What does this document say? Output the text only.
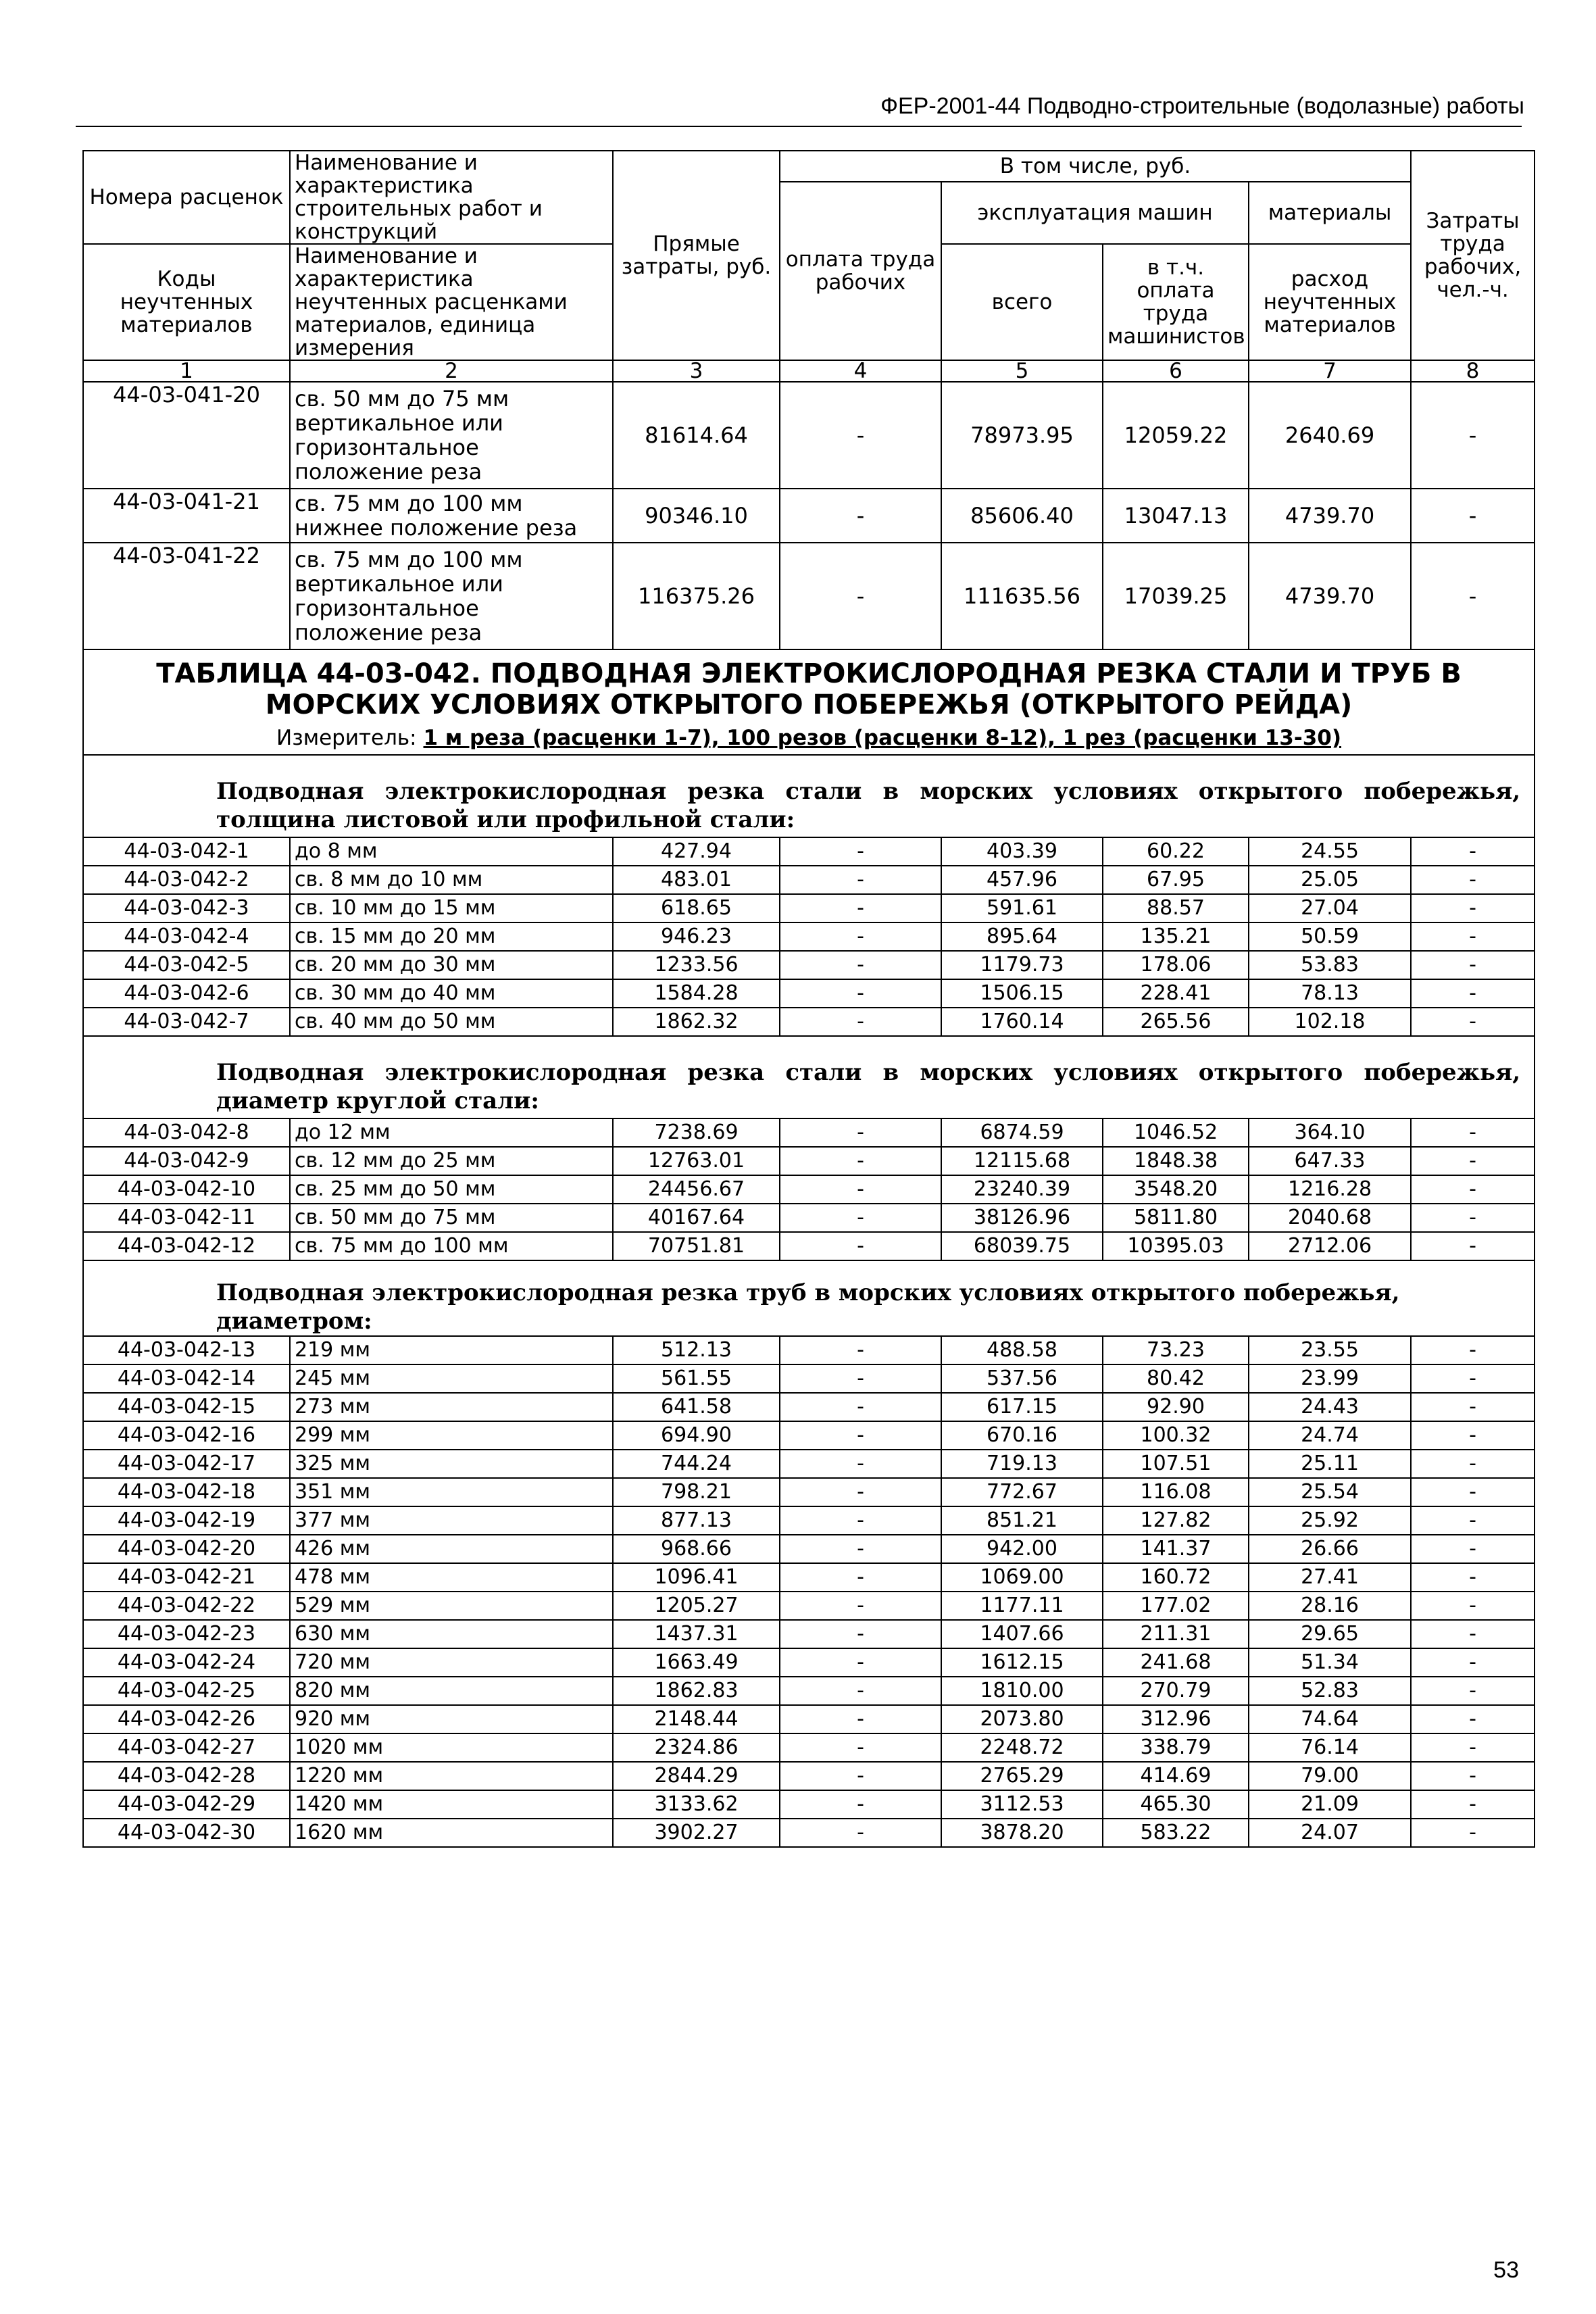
ФЕР-2001-44 Подводно-строительные (водолазные) работы
Номера расценок	Наименование и характеристика строительных работ и конструкций	Прямые затраты, руб.	В том числе, руб.				Затраты труда рабочих, чел.-ч.
			оплата труда рабочих	эксплуатация машин		материалы	
Коды неучтенных материалов	Наименование и характеристика неучтенных расценками материалов, единица измерения			всего	в т.ч. оплата труда машинистов	расход неучтенных материалов	

1	2	3	4	5	6	7	8
44-03-041-20	св. 50 мм до 75 мм вертикальное или горизонтальное положение реза	81614.64	-	78973.95	12059.22	2640.69	-
44-03-041-21	св. 75 мм до 100 мм нижнее положение реза	90346.10	-	85606.40	13047.13	4739.70	-
44-03-041-22	св. 75 мм до 100 мм вертикальное или горизонтальное положение реза	116375.26	-	111635.56	17039.25	4739.70	-

ТАБЛИЦА 44-03-042. ПОДВОДНАЯ ЭЛЕКТРОКИСЛОРОДНАЯ РЕЗКА СТАЛИ И ТРУБ В МОРСКИХ УСЛОВИЯХ ОТКРЫТОГО ПОБЕРЕЖЬЯ (ОТКРЫТОГО РЕЙДА)
Измеритель: 1 м реза (расценки 1-7), 100 резов (расценки 8-12), 1 рез (расценки 13-30)							

Подводная электрокислородная резка стали в морских условиях открытого побережья, толщина листовой или профильной стали:							
44-03-042-1	до 8 мм	427.94	-	403.39	60.22	24.55	-
44-03-042-2	св. 8 мм до 10 мм	483.01	-	457.96	67.95	25.05	-
44-03-042-3	св. 10 мм до 15 мм	618.65	-	591.61	88.57	27.04	-
44-03-042-4	св. 15 мм до 20 мм	946.23	-	895.64	135.21	50.59	-
44-03-042-5	св. 20 мм до 30 мм	1233.56	-	1179.73	178.06	53.83	-
44-03-042-6	св. 30 мм до 40 мм	1584.28	-	1506.15	228.41	78.13	-
44-03-042-7	св. 40 мм до 50 мм	1862.32	-	1760.14	265.56	102.18	-
Подводная электрокислородная резка стали в морских условиях открытого побережья, диаметр круглой стали:							
44-03-042-8	до 12 мм	7238.69	-	6874.59	1046.52	364.10	-
44-03-042-9	св. 12 мм до 25 мм	12763.01	-	12115.68	1848.38	647.33	-
44-03-042-10	св. 25 мм до 50 мм	24456.67	-	23240.39	3548.20	1216.28	-
44-03-042-11	св. 50 мм до 75 мм	40167.64	-	38126.96	5811.80	2040.68	-
44-03-042-12	св. 75 мм до 100 мм	70751.81	-	68039.75	10395.03	2712.06	-
Подводная электрокислородная резка труб в морских условиях открытого побережья, диаметром:							
44-03-042-13	219 мм	512.13	-	488.58	73.23	23.55	-
44-03-042-14	245 мм	561.55	-	537.56	80.42	23.99	-
44-03-042-15	273 мм	641.58	-	617.15	92.90	24.43	-
44-03-042-16	299 мм	694.90	-	670.16	100.32	24.74	-
44-03-042-17	325 мм	744.24	-	719.13	107.51	25.11	-
44-03-042-18	351 мм	798.21	-	772.67	116.08	25.54	-
44-03-042-19	377 мм	877.13	-	851.21	127.82	25.92	-
44-03-042-20	426 мм	968.66	-	942.00	141.37	26.66	-
44-03-042-21	478 мм	1096.41	-	1069.00	160.72	27.41	-
44-03-042-22	529 мм	1205.27	-	1177.11	177.02	28.16	-
44-03-042-23	630 мм	1437.31	-	1407.66	211.31	29.65	-
44-03-042-24	720 мм	1663.49	-	1612.15	241.68	51.34	-
44-03-042-25	820 мм	1862.83	-	1810.00	270.79	52.83	-
44-03-042-26	920 мм	2148.44	-	2073.80	312.96	74.64	-
44-03-042-27	1020 мм	2324.86	-	2248.72	338.79	76.14	-
44-03-042-28	1220 мм	2844.29	-	2765.29	414.69	79.00	-
44-03-042-29	1420 мм	3133.62	-	3112.53	465.30	21.09	-
44-03-042-30	1620 мм	3902.27	-	3878.20	583.22	24.07	-
53
